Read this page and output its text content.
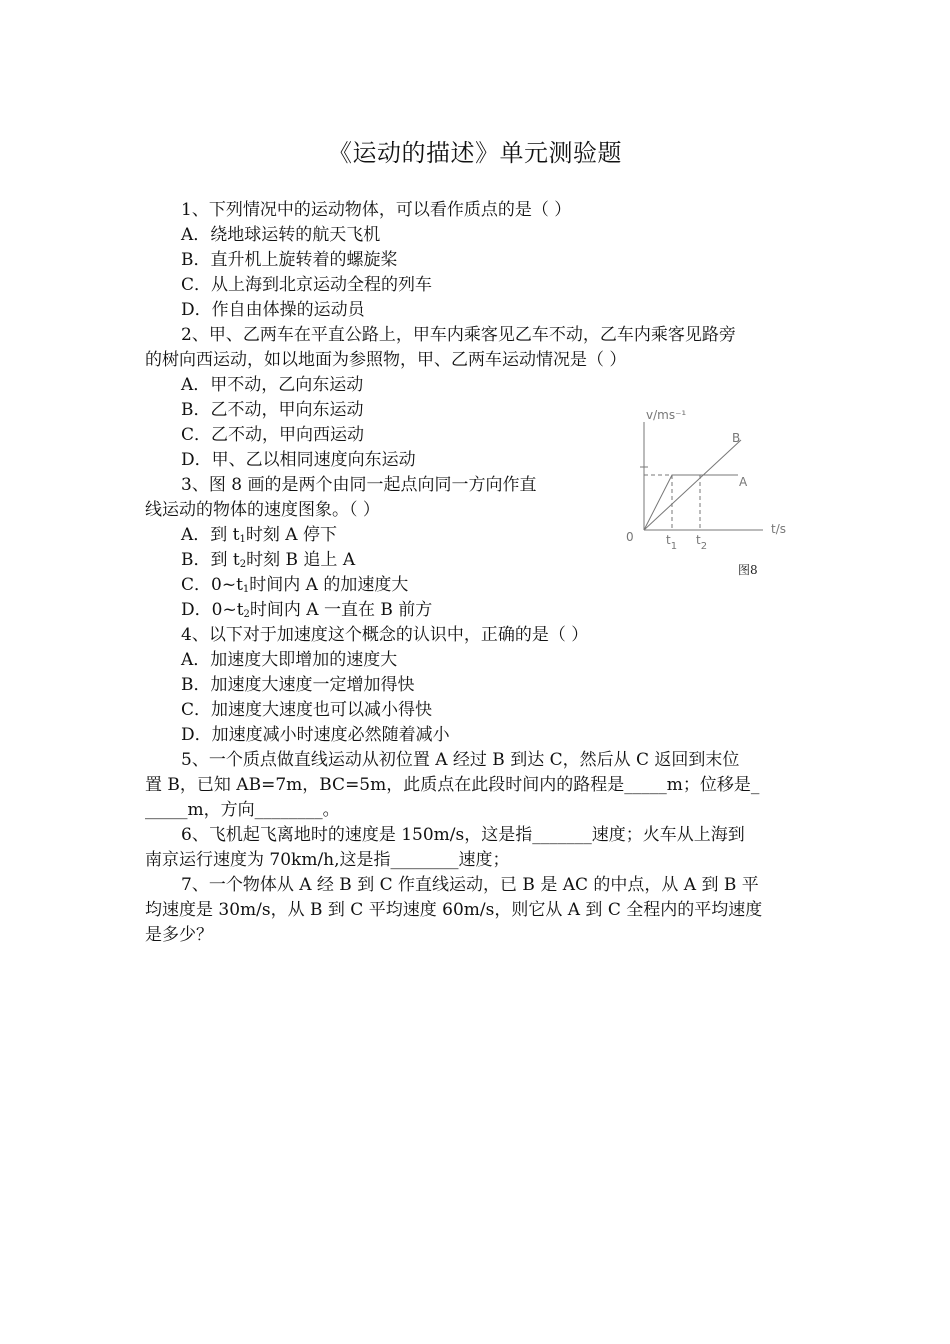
《运动的描述》单元测验题
1、下列情况中的运动物体，可以看作质点的是（ ）
A．绕地球运转的航天飞机
B．直升机上旋转着的螺旋桨
C．从上海到北京运动全程的列车
D．作自由体操的运动员
2、甲、乙两车在平直公路上，甲车内乘客见乙车不动，乙车内乘客见路旁
的树向西运动，如以地面为参照物，甲、乙两车运动情况是（ ）
A．甲不动，乙向东运动
B．乙不动，甲向东运动
C．乙不动，甲向西运动
D．甲、乙以相同速度向东运动
3、图 8 画的是两个由同一起点向同一方向作直
线运动的物体的速度图象。（ ）
A．到 $t_1$时刻 A 停下
B．到 $t_2$时刻 B 追上 A
C．$0\sim t_1$时间内 A 的加速度大
D．$0\sim t_2$时间内 A 一直在 B 前方
v/ms⁻¹
t/s
0
B
A
$t_1$ $t_2$
图8
4、以下对于加速度这个概念的认识中，正确的是（ ）
A．加速度大即增加的速度大
B．加速度大速度一定增加得快
C．加速度大速度也可以减小得快
D．加速度减小时速度必然随着减小
5、一个质点做直线运动从初位置 A 经过 B 到达 C，然后从 C 返回到末位
置 B，已知 AB=7m，BC=5m，此质点在此段时间内的路程是_____m；位移是_
_____m，方向________。
6、飞机起飞离地时的速度是 150m/s，这是指_______速度；火车从上海到
南京运行速度为 70km/h,这是指________速度；
7、一个物体从 A 经 B 到 C 作直线运动，已 B 是 AC 的中点，从 A 到 B 平
均速度是 30m/s，从 B 到 C 平均速度 60m/s，则它从 A 到 C 全程内的平均速度
是多少？
